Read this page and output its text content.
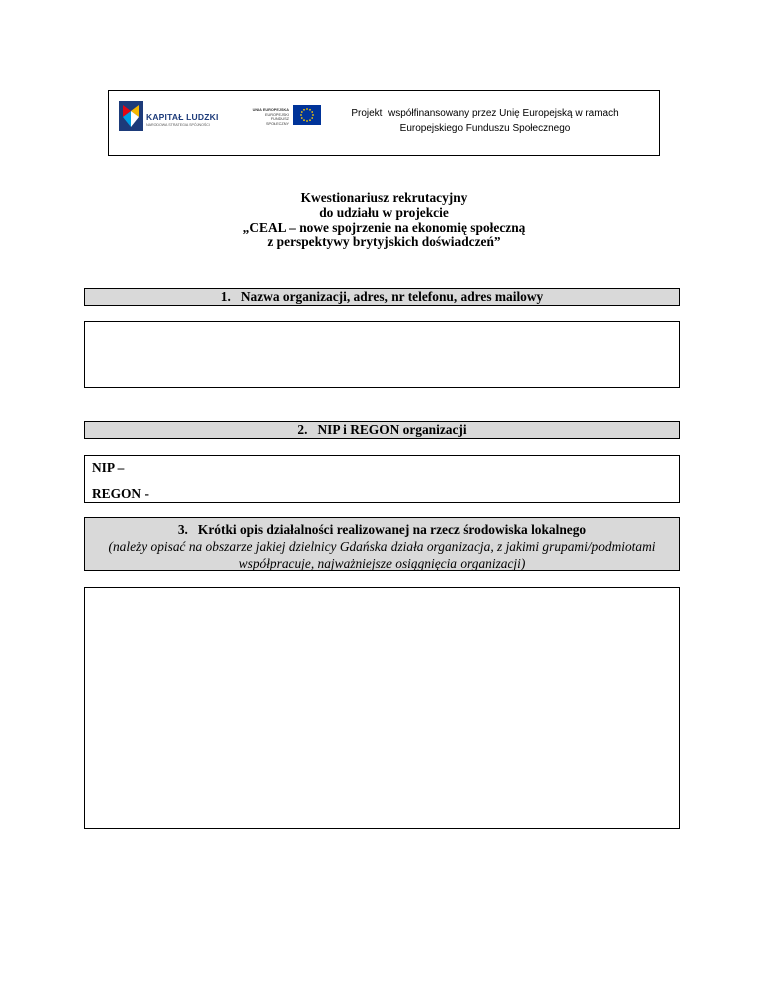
KAPITAŁ LUDZKI
NARODOWA STRATEGIA SPÓJNOŚCI
UNIA EUROPEJSKA
EUROPEJSKI
FUNDUSZ SPOŁECZNY
Projekt  współfinansowany przez Unię Europejską w ramach
Europejskiego Funduszu Społecznego
Kwestionariusz rekrutacyjny
do udziału w projekcie
„CEAL – nowe spojrzenie na ekonomię społeczną
z perspektywy brytyjskich doświadczeń”
1.   Nazwa organizacji, adres, nr telefonu, adres mailowy
2.   NIP i REGON organizacji
NIP –
REGON -
3.   Krótki opis działalności realizowanej na rzecz środowiska lokalnego
(należy opisać na obszarze jakiej dzielnicy Gdańska działa organizacja, z jakimi grupami/podmiotami współpracuje, najważniejsze osiągnięcia organizacji)
